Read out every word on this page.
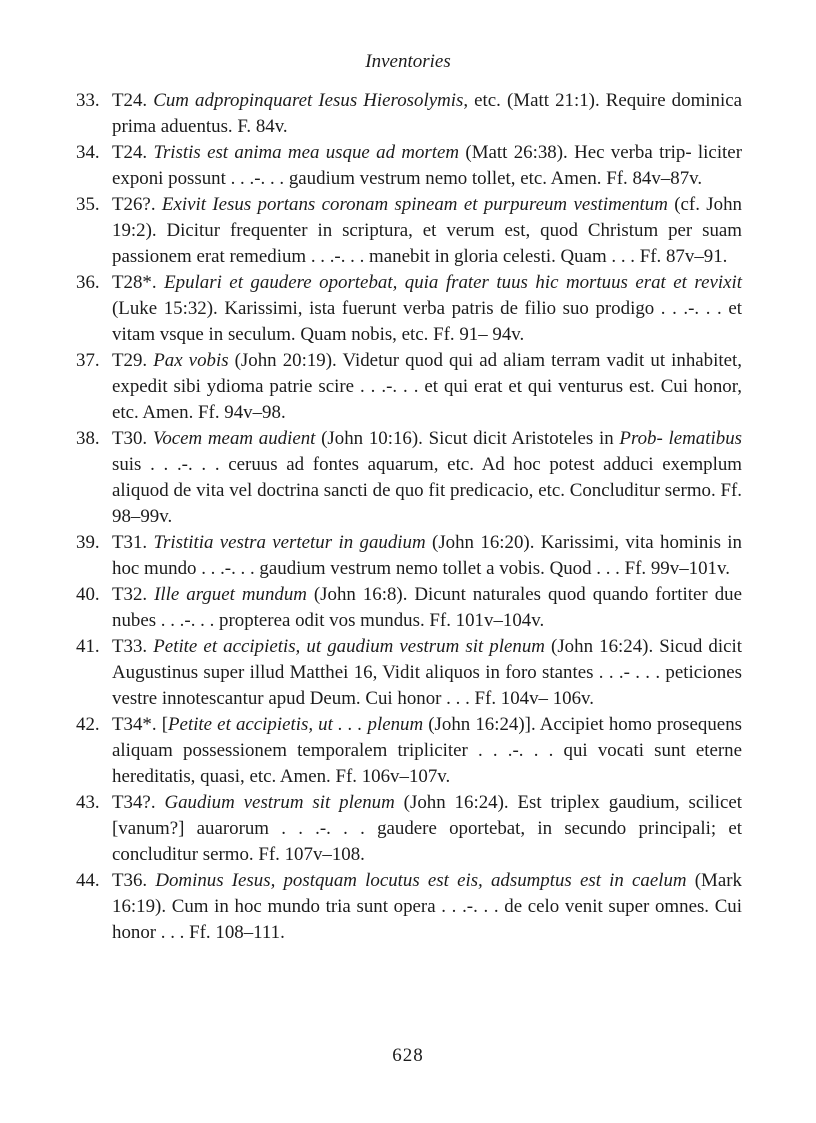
Inventories
33. T24. Cum adpropinquaret Iesus Hierosolymis, etc. (Matt 21:1). Require dominica prima aduentus. F. 84v.
34. T24. Tristis est anima mea usque ad mortem (Matt 26:38). Hec verba trip- liciter exponi possunt . . .-. . . gaudium vestrum nemo tollet, etc. Amen. Ff. 84v–87v.
35. T26?. Exivit Iesus portans coronam spineam et purpureum vestimentum (cf. John 19:2). Dicitur frequenter in scriptura, et verum est, quod Christum per suam passionem erat remedium . . .-. . . manebit in gloria celesti. Quam . . . Ff. 87v–91.
36. T28*. Epulari et gaudere oportebat, quia frater tuus hic mortuus erat et revixit (Luke 15:32). Karissimi, ista fuerunt verba patris de filio suo prodigo . . .-. . . et vitam vsque in seculum. Quam nobis, etc. Ff. 91– 94v.
37. T29. Pax vobis (John 20:19). Videtur quod qui ad aliam terram vadit ut inhabitet, expedit sibi ydioma patrie scire . . .-. . . et qui erat et qui venturus est. Cui honor, etc. Amen. Ff. 94v–98.
38. T30. Vocem meam audient (John 10:16). Sicut dicit Aristoteles in Prob- lematibus suis . . .-. . . ceruus ad fontes aquarum, etc. Ad hoc potest adduci exemplum aliquod de vita vel doctrina sancti de quo fit predicacio, etc. Concluditur sermo. Ff. 98–99v.
39. T31. Tristitia vestra vertetur in gaudium (John 16:20). Karissimi, vita hominis in hoc mundo . . .-. . . gaudium vestrum nemo tollet a vobis. Quod . . . Ff. 99v–101v.
40. T32. Ille arguet mundum (John 16:8). Dicunt naturales quod quando fortiter due nubes . . .-. . . propterea odit vos mundus. Ff. 101v–104v.
41. T33. Petite et accipietis, ut gaudium vestrum sit plenum (John 16:24). Sicud dicit Augustinus super illud Matthei 16, Vidit aliquos in foro stantes . . .- . . . peticiones vestre innotescantur apud Deum. Cui honor . . . Ff. 104v– 106v.
42. T34*. [Petite et accipietis, ut . . . plenum (John 16:24)]. Accipiet homo prosequens aliquam possessionem temporalem tripliciter . . .-. . . qui vocati sunt eterne hereditatis, quasi, etc. Amen. Ff. 106v–107v.
43. T34?. Gaudium vestrum sit plenum (John 16:24). Est triplex gaudium, scilicet [vanum?] auarorum . . .-. . . gaudere oportebat, in secundo principali; et concluditur sermo. Ff. 107v–108.
44. T36. Dominus Iesus, postquam locutus est eis, adsumptus est in caelum (Mark 16:19). Cum in hoc mundo tria sunt opera . . .-. . . de celo venit super omnes. Cui honor . . . Ff. 108–111.
628
